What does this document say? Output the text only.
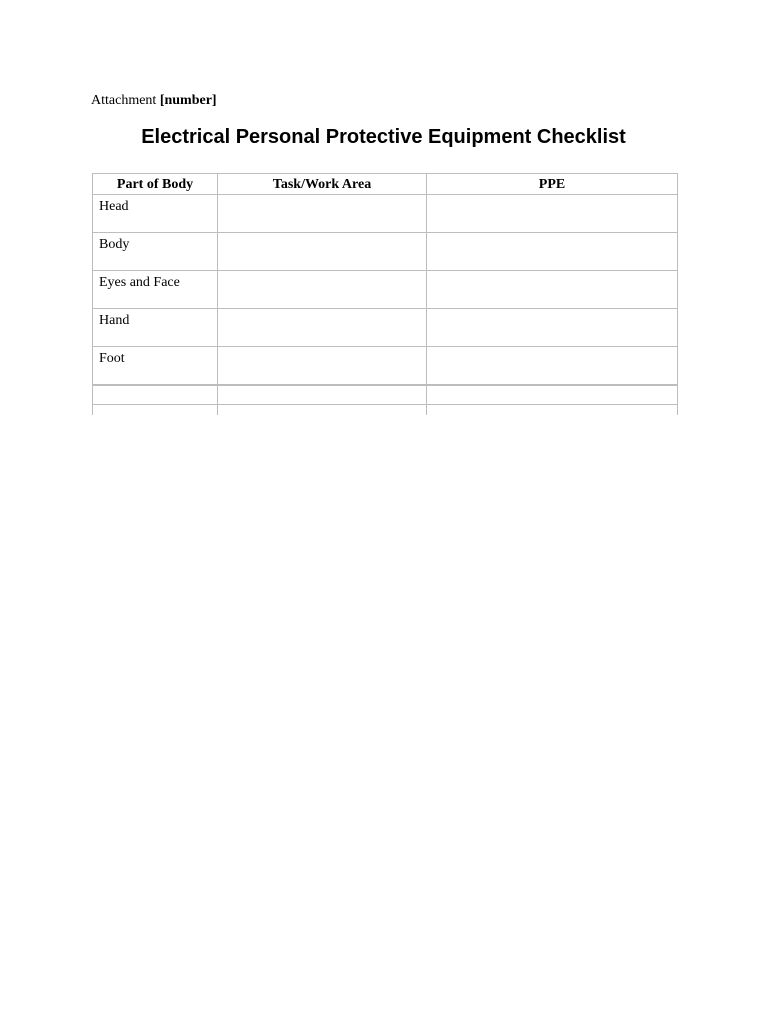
Attachment [number]
Electrical Personal Protective Equipment Checklist
Part of Body	Task/Work Area	PPE
Head		
Body		
Eyes and Face		
Hand		
Foot		
